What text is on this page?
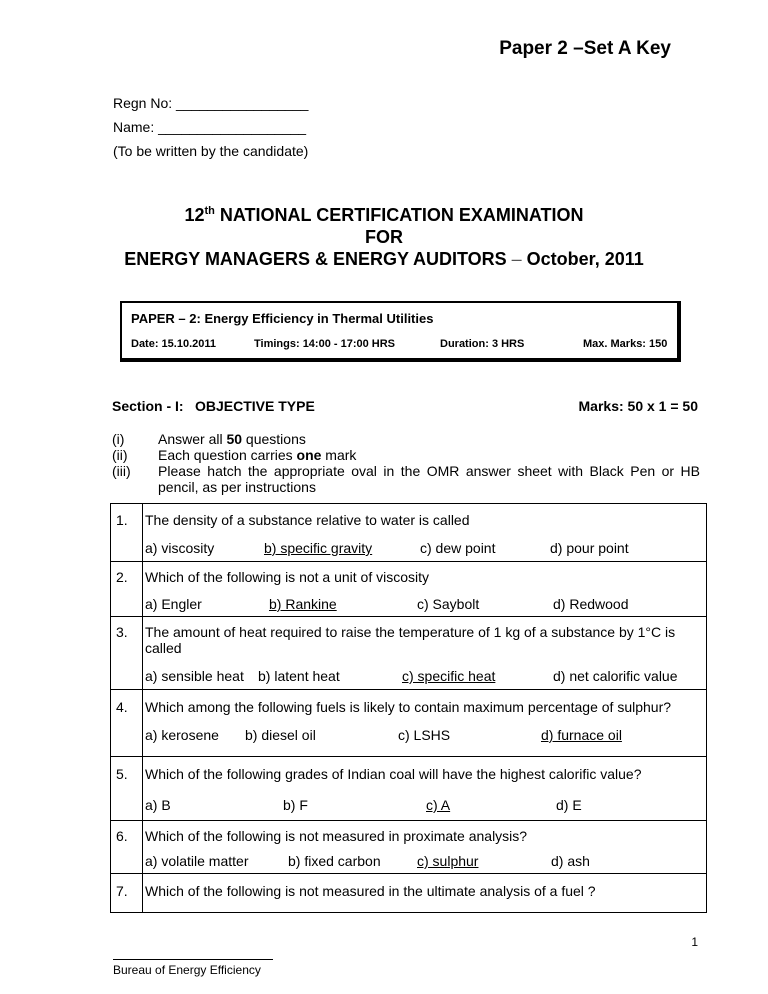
Paper 2 –Set A Key
Regn No: _________________
Name: ___________________
(To be written by the candidate)
12th NATIONAL CERTIFICATION EXAMINATION
FOR
ENERGY MANAGERS & ENERGY AUDITORS – October, 2011
PAPER – 2: Energy Efficiency in Thermal Utilities
Date: 15.10.2011	Timings: 14:00 - 17:00 HRS	Duration: 3 HRS	Max. Marks: 150
Section - I: OBJECTIVE TYPE	Marks: 50 x 1 = 50
(i) Answer all 50 questions
(ii) Each question carries one mark
(iii) Please hatch the appropriate oval in the OMR answer sheet with Black Pen or HB pencil, as per instructions
1. The density of a substance relative to water is called
a) viscosity	b) specific gravity	c) dew point	d) pour point
2. Which of the following is not a unit of viscosity
a) Engler	b) Rankine	c) Saybolt	d) Redwood
3. The amount of heat required to raise the temperature of 1 kg of a substance by 1°C is called
a) sensible heat b) latent heat	c) specific heat	d) net calorific value
4. Which among the following fuels is likely to contain maximum percentage of sulphur?
a) kerosene b) diesel oil	c) LSHS	d) furnace oil
5. Which of the following grades of Indian coal will have the highest calorific value?
a) B	b) F	c) A	d) E
6. Which of the following is not measured in proximate analysis?
a) volatile matter	b) fixed carbon	c) sulphur	d) ash
7. Which of the following is not measured in the ultimate analysis of a fuel ?
1
Bureau of Energy Efficiency
